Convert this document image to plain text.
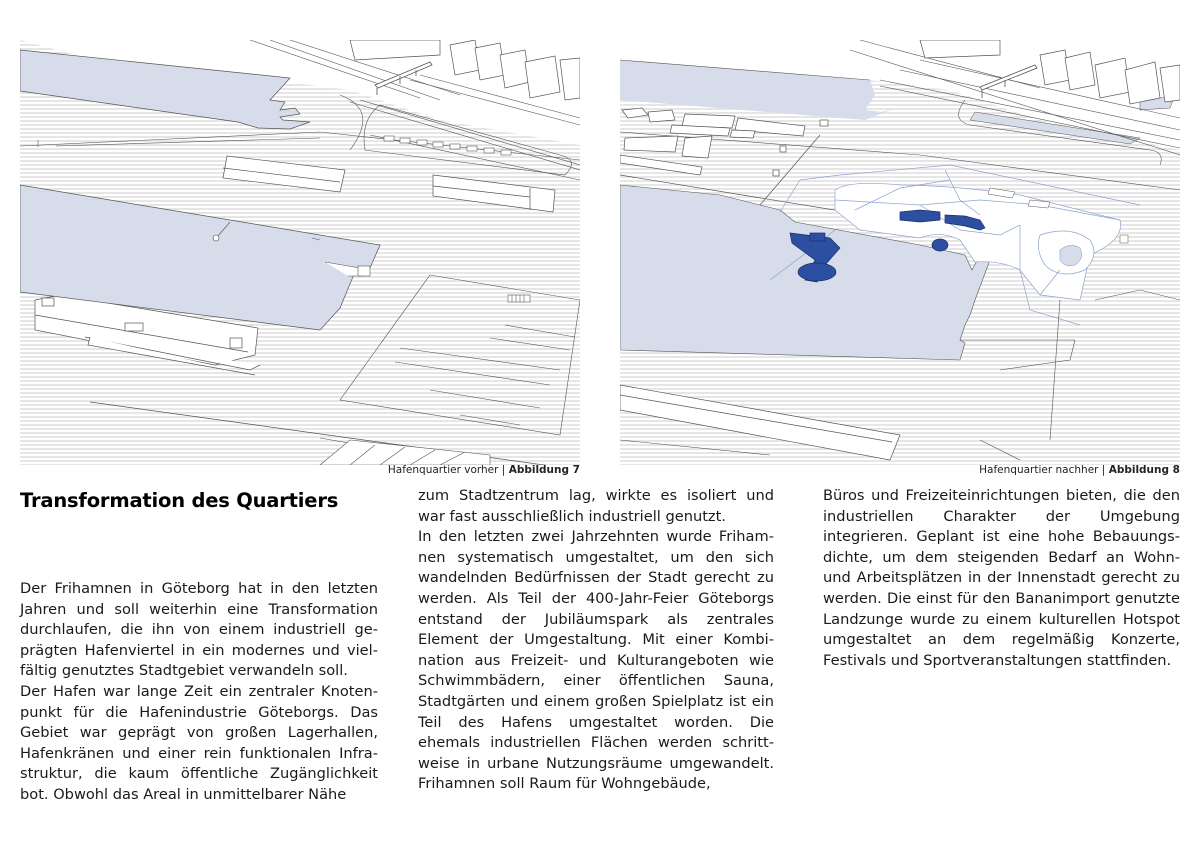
Hafenquartier vorher | Abbildung 7	Hafenquartier nachher | Abbildung 8
Transformation des Quartiers

Der Frihamnen in Göteborg hat in den letzten Jahren und soll weiterhin eine Transformation durchlaufen, die ihn von einem industriell geprägten Hafenviertel in ein modernes und vielfältig genutztes Stadtgebiet verwandeln soll.

Der Hafen war lange Zeit ein zentraler Knotenpunkt für die Hafenindustrie Göteborgs. Das Gebiet war geprägt von großen Lagerhallen, Hafenkränen und einer rein funktionalen Infrastruktur, die kaum öffentliche Zugänglichkeit bot. Obwohl das Areal in unmittelbarer Nähe

zum Stadtzentrum lag, wirkte es isoliert und war fast ausschließlich industriell genutzt.

In den letzten zwei Jahrzehnten wurde Frihamnen systematisch umgestaltet, um den sich wandelnden Bedürfnissen der Stadt gerecht zu werden. Als Teil der 400-Jahr-Feier Göteborgs entstand der Jubiläumspark als zentrales Element der Umgestaltung. Mit einer Kombination aus Freizeit- und Kulturangeboten wie Schwimmbädern, einer öffentlichen Sauna, Stadtgärten und einem großen Spielplatz ist ein Teil des Hafens umgestaltet worden. Die ehemals industriellen Flächen werden schrittweise in urbane Nutzungsräume umgewandelt. Frihamnen soll Raum für Wohngebäude,

Büros und Freizeiteinrichtungen bieten, die den industriellen Charakter der Umgebung integrieren. Geplant ist eine hohe Bebauungsdichte, um dem steigenden Bedarf an Wohn- und Arbeitsplätzen in der Innenstadt gerecht zu werden. Die einst für den Bananimport genutzte Landzunge wurde zu einem kulturellen Hotspot umgestaltet an dem regelmäßig Konzerte, Festivals und Sportveranstaltungen stattfinden.
